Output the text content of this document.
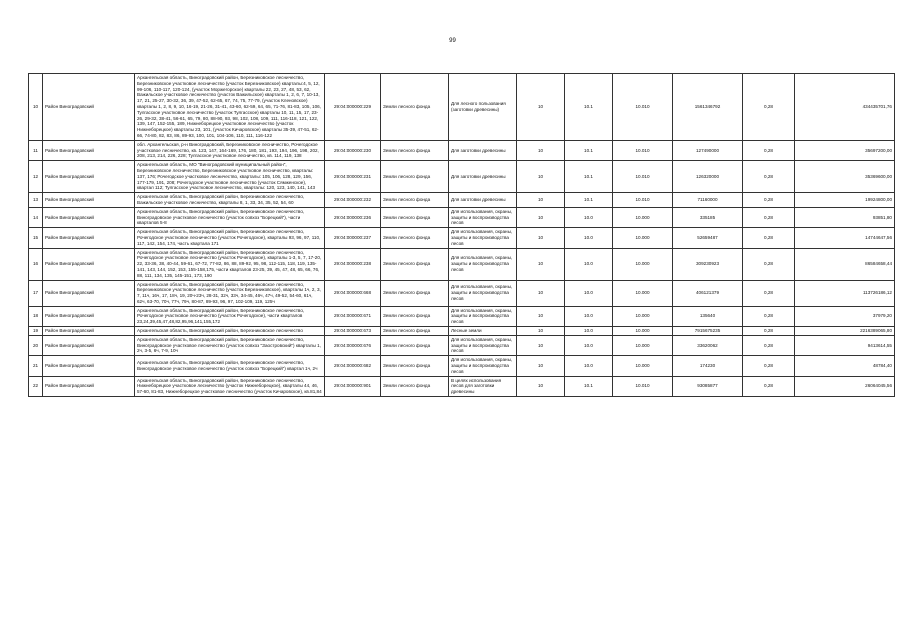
99
10	Район Виноградовский	Архангельская область, Виноградовский район, Березниковское лесничество, Березниковское участковое лесничество (участок Березниковское) кварталы:4, 5, 12, 99-106, 110-117, 120-124, (участок Моржегорское) кварталы 22, 23, 27, 48, 53, 62, Важильское участковое лесничество (участок Важильское) кварталы 1, 2, 6, 7, 10-13, 17, 21, 25-27, 30-32, 36, 39, 47-52, 62-65, 67, 74, 75, 77-79, (участок Кленовское) кварталы 1, 2, 8, 9, 10, 16-19, 21-26, 31-41, 43-60, 62-59, 64, 65, 71-76, 81-83, 105, 106, Тулгасское участковое лесничество (участок Тулгасское) кварталы 10, 11, 15, 17, 23-26, 29-32, 38-41, 56-61, 65, 79, 80, 88-90, 93, 98, 102, 108, 109, 111, 116-118, 121, 122, 139, 147, 152-155, 189, Нижнеборецкое участковое лесничество (участок Нижнеборецкое) кварталы 23, 101, (участок Кичаровское) кварталы 35-39, 47-51, 62-66, 74-80, 82, 83, 86, 89-93, 100, 101, 104-106, 110, 111, 116-122	29:04:000000:229	Земли лесного фонда	Для лесного пользования (заготовки древесины)	10	10.1	10.010	1561346792	0,28	434435701,76
11	Район Виноградовский	обл. Архангельская, р-н Виноградовский, Березниковское лесничество, Рочегодское участковое лесничество, кв. 123, 147, 164-169, 176, 180, 181, 193, 194, 196, 198, 202, 208, 213, 214, 226, 228; Тулгасское участковое лесничество, кв. 114, 119, 138	29:04:000000:230	Земли лесного фонда	Для заготовки древесины	10	10.1	10.010	127490000	0,28	35697200,00
12	Район Виноградовский	Архангельская область, МО "Виноградовский муниципальный район", Березниковское лесничество, Березниковское участковое лесничество, кварталы: 137, 176; Рочегодское участковое лесничество, кварталы: 105, 106, 128, 129, 156, 177-179, 191, 208; Рочегодское участковое лесничество (участок Сямженское), квартал 112; Тулгасское участковое лесничество, кварталы: 120, 123, 140, 141, 143	29:04:000000:231	Земли лесного фонда	Для заготовки древесины	10	10.1	10.010	126320000	0,28	35369600,00
13	Район Виноградовский	Архангельская область, Виноградовский район, Березниковское лесничество, Важильское участковое лесничество, кварталы 8, 1, 33, 34, 35, 52, 54, 60	29:04:000000:232	Земли лесного фонда	Для заготовки древесины	10	10.1	10.010	71160000	0,28	19924800,00
14	Район Виноградовский	Архангельская область, Виноградовский район, Березниковское лесничество, Виноградовское участковое лесничество (участок совхоз "Борецкий"), части кварталов 5-8	29:04:000000:236	Земли лесного фонда	Для использования, охраны, защиты и воспроизводства лесов	10	10.0	10.000	335185	0,28	93851,80
15	Район Виноградовский	Архангельская область, Виноградовский район, Березниковское лесничество, Рочегодское участковое лесничество (участок Рочегодское), кварталы 93, 96, 97, 110, 117, 142, 154, 174, часть квартала 171	29:04:000000:237	Земли лесного фонда	Для использования, охраны, защиты и воспроизводства лесов	10	10.0	10.000	52659487	0,28	14744647,56
16	Район Виноградовский	Архангельская область, Виноградовский район, Березниковское лесничество, Рочегодское участковое лесничество (участок Рочегодское), кварталы 1-3, 5, 7, 17-20, 22, 33-36, 38, 40-44, 59-61, 67-72, 77-82, 86, 88, 89-92, 95, 98, 112-115, 118, 119, 135-141, 143, 144, 152, 153, 155-158,175, части кварталов 23-25, 39, 45, 47, 48, 65, 66, 76, 88, 111, 134, 135, 145-151, 173, 190	29:04:000000:238	Земли лесного фонда	Для использования, охраны, защиты и воспроизводства лесов	10	10.0	10.000	309230923	0,28	86584658,44
17	Район Виноградовский	Архангельская область, Виноградовский район, Березниковское лесничество, Березниковское участковое лесничество (участок Березниковское), кварталы 1ч, 2, 3, 7, 11ч, 16ч, 17, 18ч, 19, 20ч-23ч, 28-31, 32ч, 33ч, 34-45, 46ч, 47ч, 49-52, 54-60, 61ч, 62ч, 63-70, 70ч, 77ч, 79ч, 80-87, 89-93, 96, 97, 102-109, 119, 125ч	29:04:000000:668	Земли лесного фонда	Для использования, охраны, защиты и воспроизводства лесов	10	10.0	10.000	406121379	0,28	113726186,12
18	Район Виноградовский	Архангельская область, Виноградовский район, Березниковское лесничество, Рочегодское участковое лесничество (участок Рочегодское), части кварталов 23,24,39,45,47,48,82,95,96,141,155,172	29:04:000000:671	Земли лесного фонда	Для использования, охраны, защиты и воспроизводства лесов	10	10.0	10.000	135640	0,28	37979,20
19	Район Виноградовский	Архангельская область, Виноградовский район, Березниковское лесничество	29:04:000000:673	Земли лесного фонда	Лесные земли	10	10.0	10.000	7915675235	0,28	2216389065,80
20	Район Виноградовский	Архангельская область, Виноградовский район, Березниковское лесничество, Виноградовское участковое лесничество (участок совхоз "Заостровский") кварталы 1, 2ч, 3-5, 6ч, 7-9, 10ч	29:04:000000:676	Земли лесного фонда	Для использования, охраны, защиты и воспроизводства лесов	10	10.0	10.000	33620062	0,28	9413614,55
21	Район Виноградовский	Архангельская область, Виноградовский район, Березниковское лесничество, Виноградовское участковое лесничество (участок совхоз "Борецкий") квартал 1ч, 2ч	29:04:000000:682	Земли лесного фонда	Для использования, охраны, защиты и воспроизводства лесов	10	10.0	10.000	174230	0,28	48784,40
22	Район Виноградовский	Архангельская область, Виноградовский район, Березниковское лесничество, Нижнеборецкое участковое лесничество (участок Нижнеборецкое), кварталы 44, 46, 57-60, 81-83, Нижнеборецкое участковое лесничество (участок Кичаровское), кв.81,84	29:04:000000:901	Земли лесного фонда	В целях использования лесов для заготовки древесины	10	10.1	10.010	93085877	0,28	26064045,56
